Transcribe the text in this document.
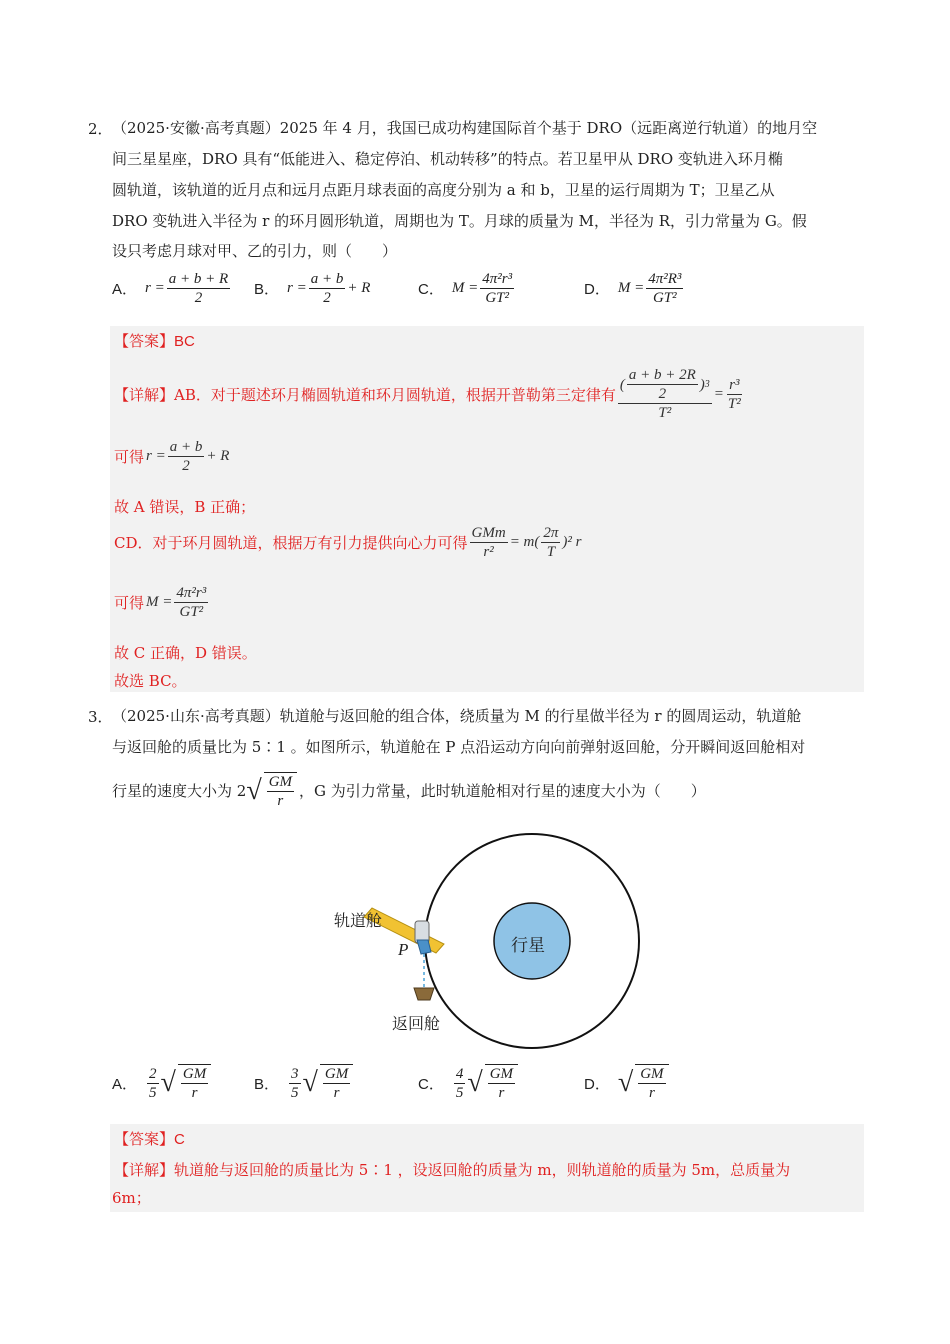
2． （2025·安徽·高考真题）2025 年 4 月，我国已成功构建国际首个基于 DRO（远距离逆行轨道）的地月空
间三星星座，DRO 具有“低能进入、稳定停泊、机动转移”的特点。若卫星甲从 DRO 变轨进入环月椭
圆轨道，该轨道的近月点和远月点距月球表面的高度分别为 a 和 b，卫星的运行周期为 T；卫星乙从
DRO 变轨进入半径为 r 的环月圆形轨道，周期也为 T。月球的质量为 M，半径为 R，引力常量为 G。假
设只考虑月球对甲、乙的引力，则（　　）
A． $r = \frac{a + b + R}{2}$ B． $r = \frac{a + b}{2} + R$	C． $M = \frac{\text{4π²r³}}{\text{GT²}}$	D． $M = \frac{\text{4π²R³}}{\text{GT²}}$
【答案】BC
【详解】AB．对于题述环月椭圆轨道和环月圆轨道，根据开普勒第三定律有 $\frac{( \frac{a + b + 2R}{2} ) 3}{\text{T²}} = \frac{\text{r³}}{\text{T²}}$
可得 $r = \frac{a + b}{2} + R$
故 A 错误，B 正确；
CD．对于环月圆轨道，根据万有引力提供向心力可得 $\frac{\text{GMm}}{\text{r²}} = m( \frac{2\pi}{T} )^2$ r
可得 $M = \frac{\text{4π²r³}}{\text{GT²}}$
故 C 正确，D 错误。
故选 BC。
3． （2025·山东·高考真题）轨道舱与返回舱的组合体，绕质量为 M 的行星做半径为 r 的圆周运动，轨道舱
与返回舱的质量比为 5∶1 。如图所示，轨道舱在 P 点沿运动方向向前弹射返回舱，分开瞬间返回舱相对
行星的速度大小为 2 √ $\frac{GM}{r}$ ，G 为引力常量，此时轨道舱相对行星的速度大小为（　　）
轨道舱
P	行星
返回舱
A． $\frac{2}{5}$ √ $\frac{GM}{r}$	B． $\frac{3}{5}$ √ $\frac{GM}{r}$	C． $\frac{4}{5}$ √ $\frac{GM}{r}$	D． √ $\frac{GM}{r}$
【答案】C
【详解】轨道舱与返回舱的质量比为 5∶1 ，设返回舱的质量为 m，则轨道舱的质量为 5m，总质量为
6m；
